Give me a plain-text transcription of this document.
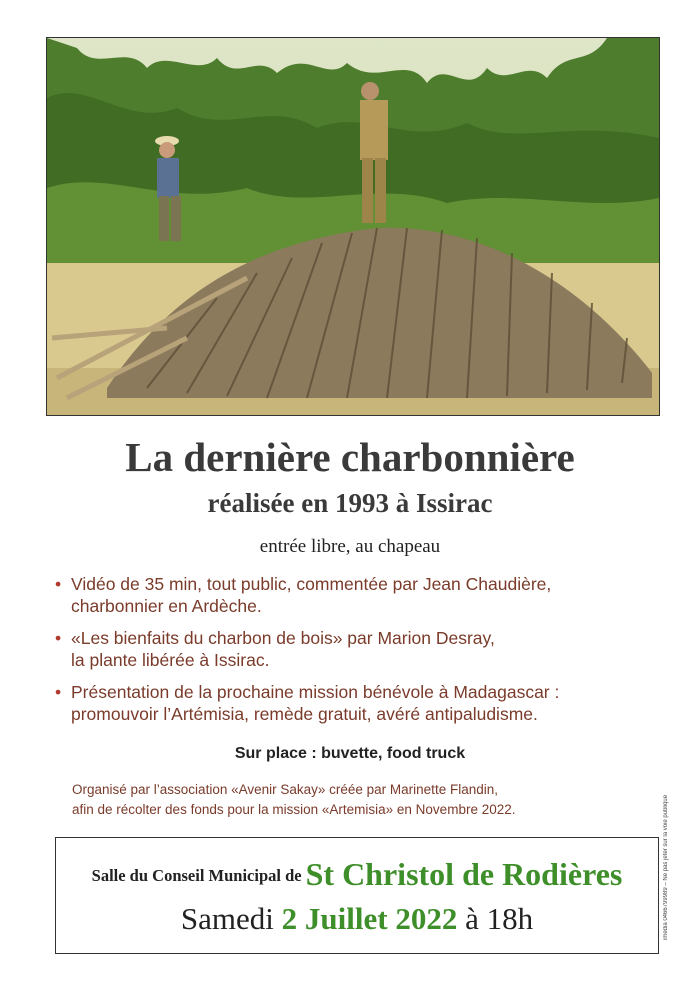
La dernière charbonnière
réalisée en 1993 à Issirac
entrée libre, au chapeau
• Vidéo de 35 min, tout public, commentée par Jean Chaudière,
charbonnier en Ardèche.
• «Les bienfaits du charbon de bois» par Marion Desray,
la plante libérée à Issirac.
• Présentation de la prochaine mission bénévole à Madagascar :
promouvoir l’Artémisia, remède gratuit, avéré antipaludisme.
Sur place : buvette, food truck
Organisé par l’association «Avenir Sakay» créée par Marinette Flandin,
afin de récolter des fonds pour la mission «Artemisia» en Novembre 2022.	imedia 0466799989 – Ne pas jeter sur la voie publique
Salle du Conseil Municipal de St Christol de Rodières
Samedi 2 Juillet 2022 à 18h
